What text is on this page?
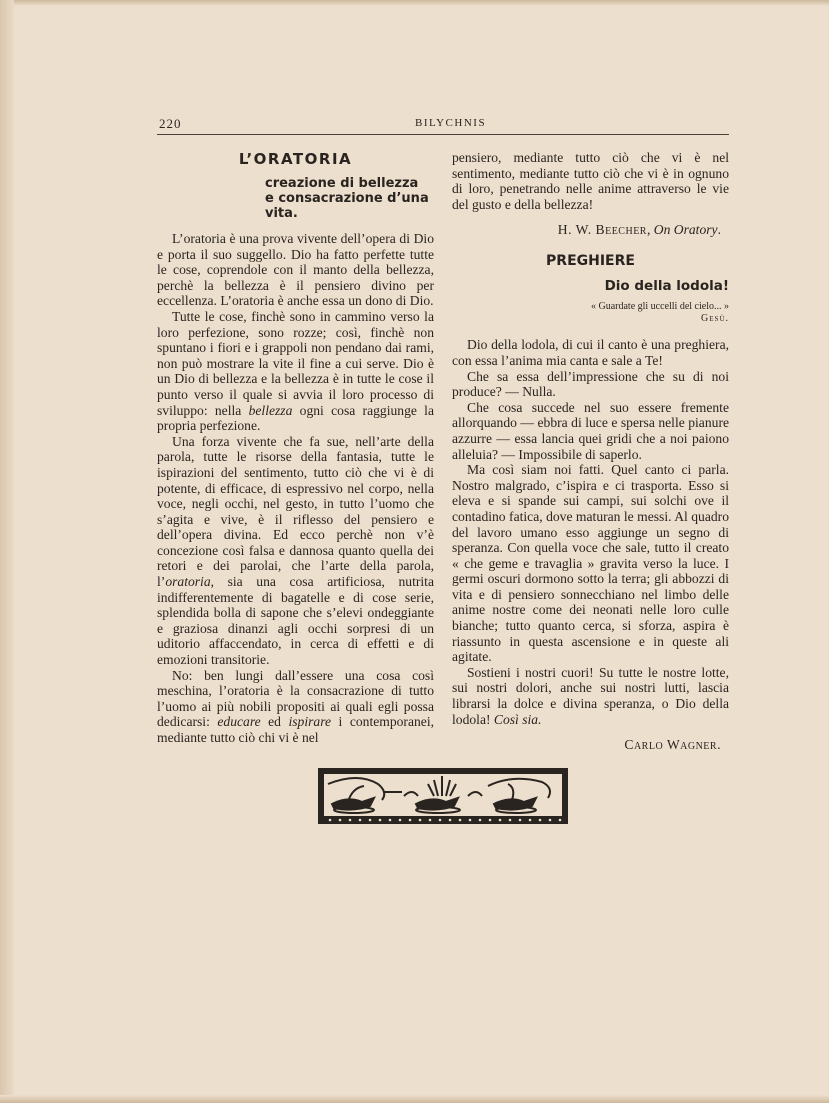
220	BILYCHNIS
L’ORATORIA
creazione di bellezza
e consacrazione d’una vita.

L’oratoria è una prova vivente dell’opera di Dio e porta il suo suggello. Dio ha fatto perfette tutte le cose, coprendole con il manto della bellezza, perchè la bellezza è il pensiero divino per eccellenza. L’oratoria è anche essa un dono di Dio.

Tutte le cose, finchè sono in cammino verso la loro perfezione, sono rozze; così, finchè non spuntano i fiori e i grappoli non pendano dai rami, non può mostrare la vite il fine a cui serve. Dio è un Dio di bellezza e la bellezza è in tutte le cose il punto verso il quale si avvia il loro processo di sviluppo: nella bellezza ogni cosa raggiunge la propria perfezione.

Una forza vivente che fa sue, nell’arte della parola, tutte le risorse della fantasia, tutte le ispirazioni del sentimento, tutto ciò che vi è di potente, di efficace, di espressivo nel corpo, nella voce, negli occhi, nel gesto, in tutto l’uomo che s’agita e vive, è il riflesso del pensiero e dell’opera divina. Ed ecco perchè non v’è concezione così falsa e dannosa quanto quella dei retori e dei parolai, che l’arte della parola, l’oratoria, sia una cosa artificiosa, nutrita indifferentemente di bagatelle e di cose serie, splendida bolla di sapone che s’elevi ondeggiante e graziosa dinanzi agli occhi sorpresi di un uditorio affaccendato, in cerca di effetti e di emozioni transitorie.

No: ben lungi dall’essere una cosa così meschina, l’oratoria è la consacrazione di tutto l’uomo ai più nobili propositi ai quali egli possa dedicarsi: educare ed ispirare i contemporanei, mediante tutto ciò chi vi è nel

pensiero, mediante tutto ciò che vi è nel sentimento, mediante tutto ciò che vi è in ognuno di loro, penetrando nelle anime attraverso le vie del gusto e della bellezza!

H. W. Beecher, On Oratory.
PREGHIERE
Dio della lodola!
« Guardate gli uccelli del cielo... »
Gesù.

Dio della lodola, di cui il canto è una preghiera, con essa l’anima mia canta e sale a Te!

Che sa essa dell’impressione che su di noi produce? — Nulla.

Che cosa succede nel suo essere fremente allorquando — ebbra di luce e spersa nelle pianure azzurre — essa lancia quei gridi che a noi paiono alleluia? — Impossibile di saperlo.

Ma così siam noi fatti. Quel canto ci parla. Nostro malgrado, c’ispira e ci trasporta. Esso si eleva e si spande sui campi, sui solchi ove il contadino fatica, dove maturan le messi. Al quadro del lavoro umano esso aggiunge un segno di speranza. Con quella voce che sale, tutto il creato « che geme e travaglia » gravita verso la luce. I germi oscuri dormono sotto la terra; gli abbozzi di vita e di pensiero sonnecchiano nel limbo delle anime nostre come dei neonati nelle loro culle bianche; tutto quanto cerca, si sforza, aspira è riassunto in questa ascensione e in queste ali agitate.

Sostieni i nostri cuori! Su tutte le nostre lotte, sui nostri dolori, anche sui nostri lutti, lascia librarsi la dolce e divina speranza, o Dio della lodola! Così sia.

Carlo Wagner.
